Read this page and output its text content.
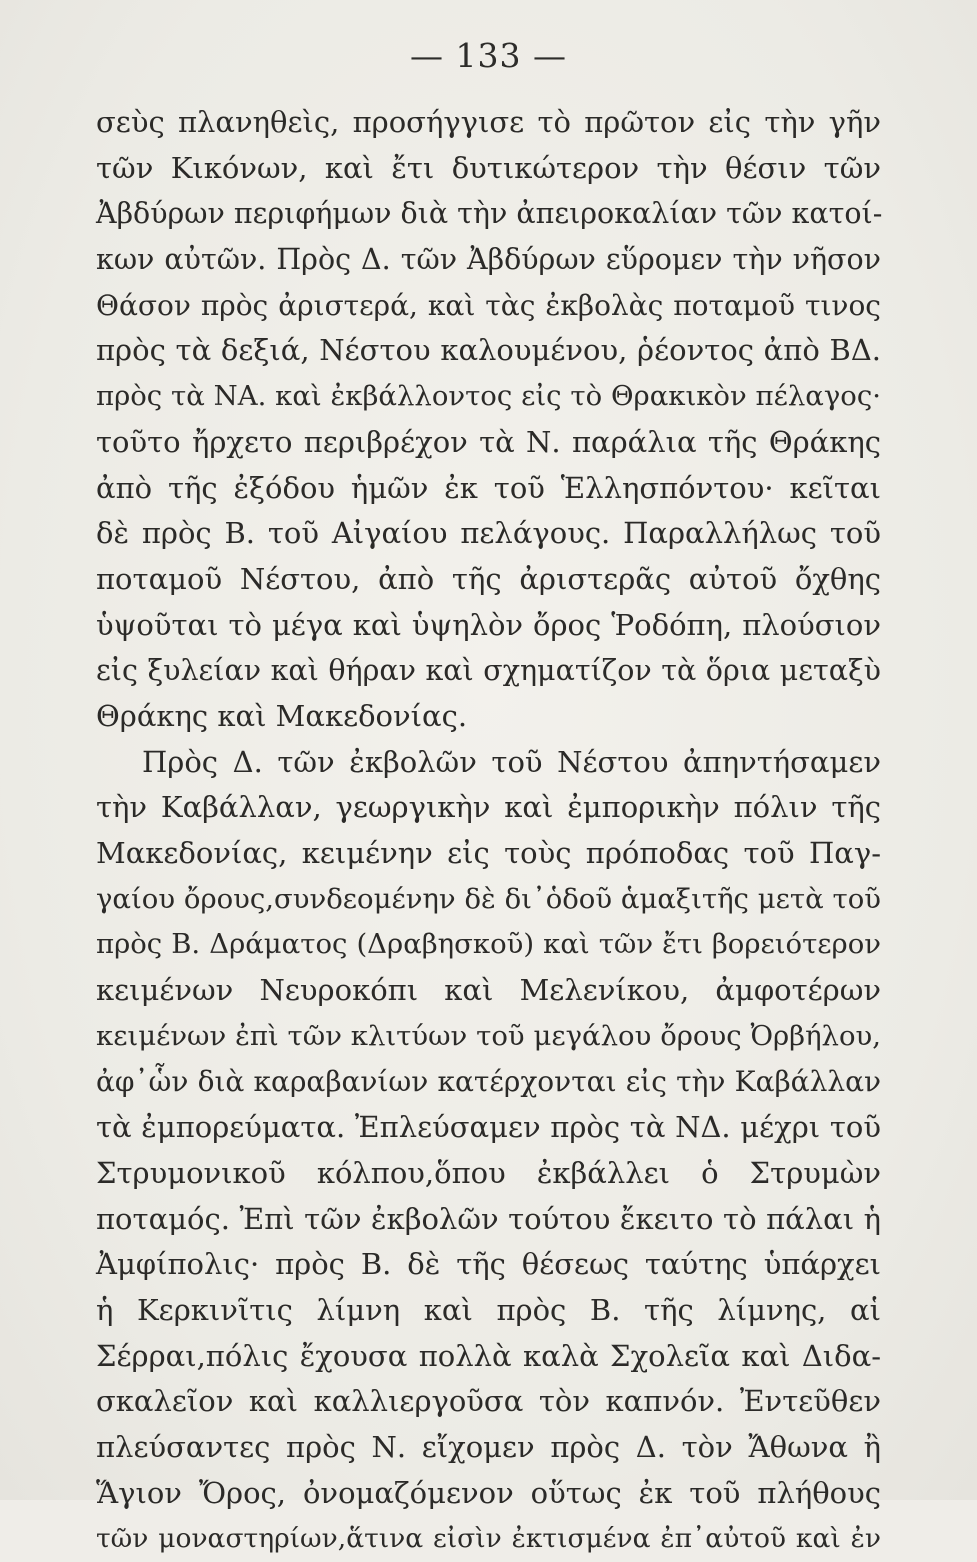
— 133 —
σεὺς πλανηθεὶς, προσήγγισε τὸ πρῶτον εἰς τὴν γῆν
τῶν Κικόνων, καὶ ἔτι δυτικώτερον τὴν θέσιν τῶν
Ἀβδύρων περιφήμων διὰ τὴν ἀπειροκαλίαν τῶν κατοί-
κων αὐτῶν. Πρὸς Δ. τῶν Ἀβδύρων εὕρομεν τὴν νῆσον
Θάσον πρὸς ἀριστερά, καὶ τὰς ἐκβολὰς ποταμοῦ τινος
πρὸς τὰ δεξιά, Νέστου καλουμένου, ῥέοντος ἀπὸ ΒΔ.
πρὸς τὰ ΝΑ. καὶ ἐκβάλλοντος εἰς τὸ Θρακικὸν πέλαγος·
τοῦτο ἤρχετο περιβρέχον τὰ Ν. παράλια τῆς Θράκης
ἀπὸ τῆς ἐξόδου ἡμῶν ἐκ τοῦ Ἑλλησπόντου· κεῖται
δὲ πρὸς Β. τοῦ Αἰγαίου πελάγους. Παραλλήλως τοῦ
ποταμοῦ Νέστου, ἀπὸ τῆς ἀριστερᾶς αὐτοῦ ὄχθης
ὑψοῦται τὸ μέγα καὶ ὑψηλὸν ὄρος Ῥοδόπη, πλούσιον
εἰς ξυλείαν καὶ θήραν καὶ σχηματίζον τὰ ὅρια μεταξὺ
Θράκης καὶ Μακεδονίας.
Πρὸς Δ. τῶν ἐκβολῶν τοῦ Νέστου ἀπηντήσαμεν
τὴν Καβάλλαν, γεωργικὴν καὶ ἐμπορικὴν πόλιν τῆς
Μακεδονίας, κειμένην εἰς τοὺς πρόποδας τοῦ Παγ-
γαίου ὄρους,συνδεομένην δὲ δι᾽ὁδοῦ ἁμαξιτῆς μετὰ τοῦ
πρὸς Β. Δράματος (Δραβησκοῦ) καὶ τῶν ἔτι βορειότερον
κειμένων Νευροκόπι καὶ Μελενίκου, ἀμφοτέρων
κειμένων ἐπὶ τῶν κλιτύων τοῦ μεγάλου ὄρους Ὀρβήλου,
ἀφ᾽ὧν διὰ καραβανίων κατέρχονται εἰς τὴν Καβάλλαν
τὰ ἐμπορεύματα. Ἐπλεύσαμεν πρὸς τὰ ΝΔ. μέχρι τοῦ
Στρυμονικοῦ κόλπου,ὅπου ἐκβάλλει ὁ Στρυμὼν
ποταμός. Ἐπὶ τῶν ἐκβολῶν τούτου ἔκειτο τὸ πάλαι ἡ
Ἀμφίπολις· πρὸς Β. δὲ τῆς θέσεως ταύτης ὑπάρχει
ἡ Κερκινῖτις λίμνη καὶ πρὸς Β. τῆς λίμνης, αἱ
Σέρραι,πόλις ἔχουσα πολλὰ καλὰ Σχολεῖα καὶ Διδα-
σκαλεῖον καὶ καλλιεργοῦσα τὸν καπνόν. Ἐντεῦθεν
πλεύσαντες πρὸς Ν. εἴχομεν πρὸς Δ. τὸν Ἄθωνα ἢ
Ἅγιον Ὄρος, ὀνομαζόμενον οὕτως ἐκ τοῦ πλήθους
τῶν μοναστηρίων,ἅτινα εἰσὶν ἐκτισμένα ἐπ᾽αὐτοῦ καὶ ἐν
